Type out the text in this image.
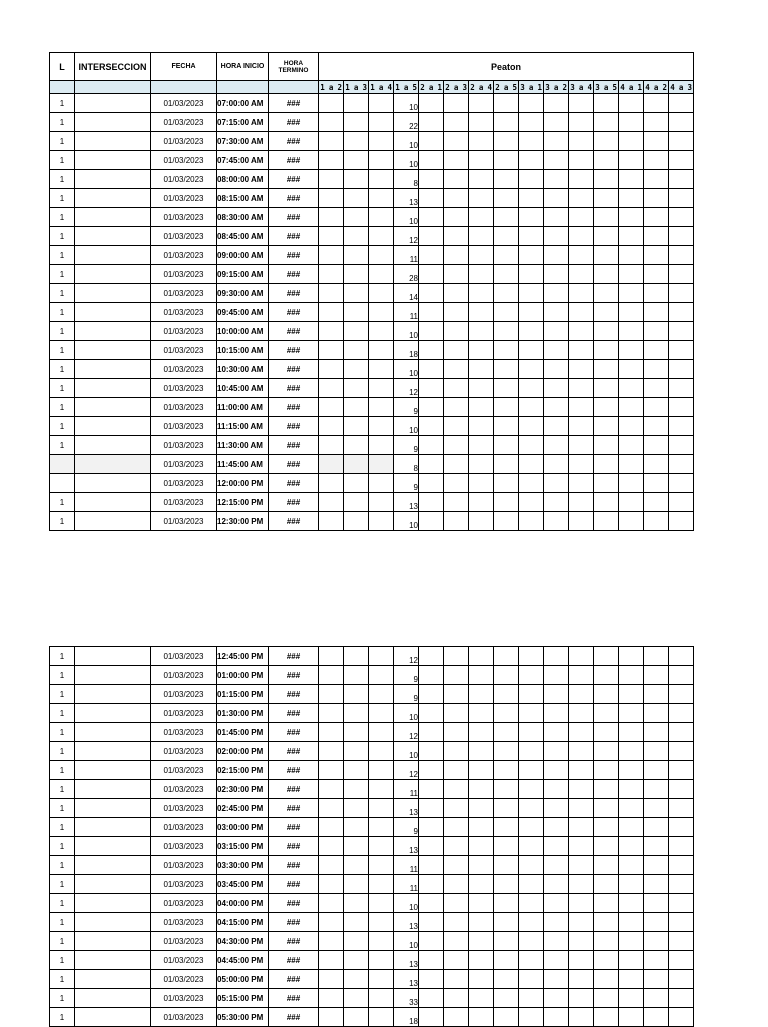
L	INTERSECCION	FECHA	HORA INICIO	HORA
TERMINO	Peaton														
					1 a 2	1 a 3	1 a 4	1 a 5	2 a 1	2 a 3	2 a 4	2 a 5	3 a 1	3 a 2	3 a 4	3 a 5	4 a 1	4 a 2	4 a 3
1		01/03/2023	07:00:00 AM	###				10											
1		01/03/2023	07:15:00 AM	###				22											
1		01/03/2023	07:30:00 AM	###				10											
1		01/03/2023	07:45:00 AM	###				10											
1		01/03/2023	08:00:00 AM	###				8											
1		01/03/2023	08:15:00 AM	###				13											
1		01/03/2023	08:30:00 AM	###				10											
1		01/03/2023	08:45:00 AM	###				12											
1		01/03/2023	09:00:00 AM	###				11											
1		01/03/2023	09:15:00 AM	###				28											
1		01/03/2023	09:30:00 AM	###				14											
1		01/03/2023	09:45:00 AM	###				11											
1		01/03/2023	10:00:00 AM	###				10											
1		01/03/2023	10:15:00 AM	###				18											
1		01/03/2023	10:30:00 AM	###				10											
1		01/03/2023	10:45:00 AM	###				12											
1		01/03/2023	11:00:00 AM	###				9											
1		01/03/2023	11:15:00 AM	###				10											
1		01/03/2023	11:30:00 AM	###				9											
		01/03/2023	11:45:00 AM	###				8											
		01/03/2023	12:00:00 PM	###				9											
1		01/03/2023	12:15:00 PM	###				13											
1		01/03/2023	12:30:00 PM	###				10											
1		01/03/2023	12:45:00 PM	###				12											
1		01/03/2023	01:00:00 PM	###				9											
1		01/03/2023	01:15:00 PM	###				9											
1		01/03/2023	01:30:00 PM	###				10											
1		01/03/2023	01:45:00 PM	###				12											
1		01/03/2023	02:00:00 PM	###				10											
1		01/03/2023	02:15:00 PM	###				12											
1		01/03/2023	02:30:00 PM	###				11											
1		01/03/2023	02:45:00 PM	###				13											
1		01/03/2023	03:00:00 PM	###				9											
1		01/03/2023	03:15:00 PM	###				13											
1		01/03/2023	03:30:00 PM	###				11											
1		01/03/2023	03:45:00 PM	###				11											
1		01/03/2023	04:00:00 PM	###				10											
1		01/03/2023	04:15:00 PM	###				13											
1		01/03/2023	04:30:00 PM	###				10											
1		01/03/2023	04:45:00 PM	###				13											
1		01/03/2023	05:00:00 PM	###				13											
1		01/03/2023	05:15:00 PM	###				33											
1		01/03/2023	05:30:00 PM	###				18											
